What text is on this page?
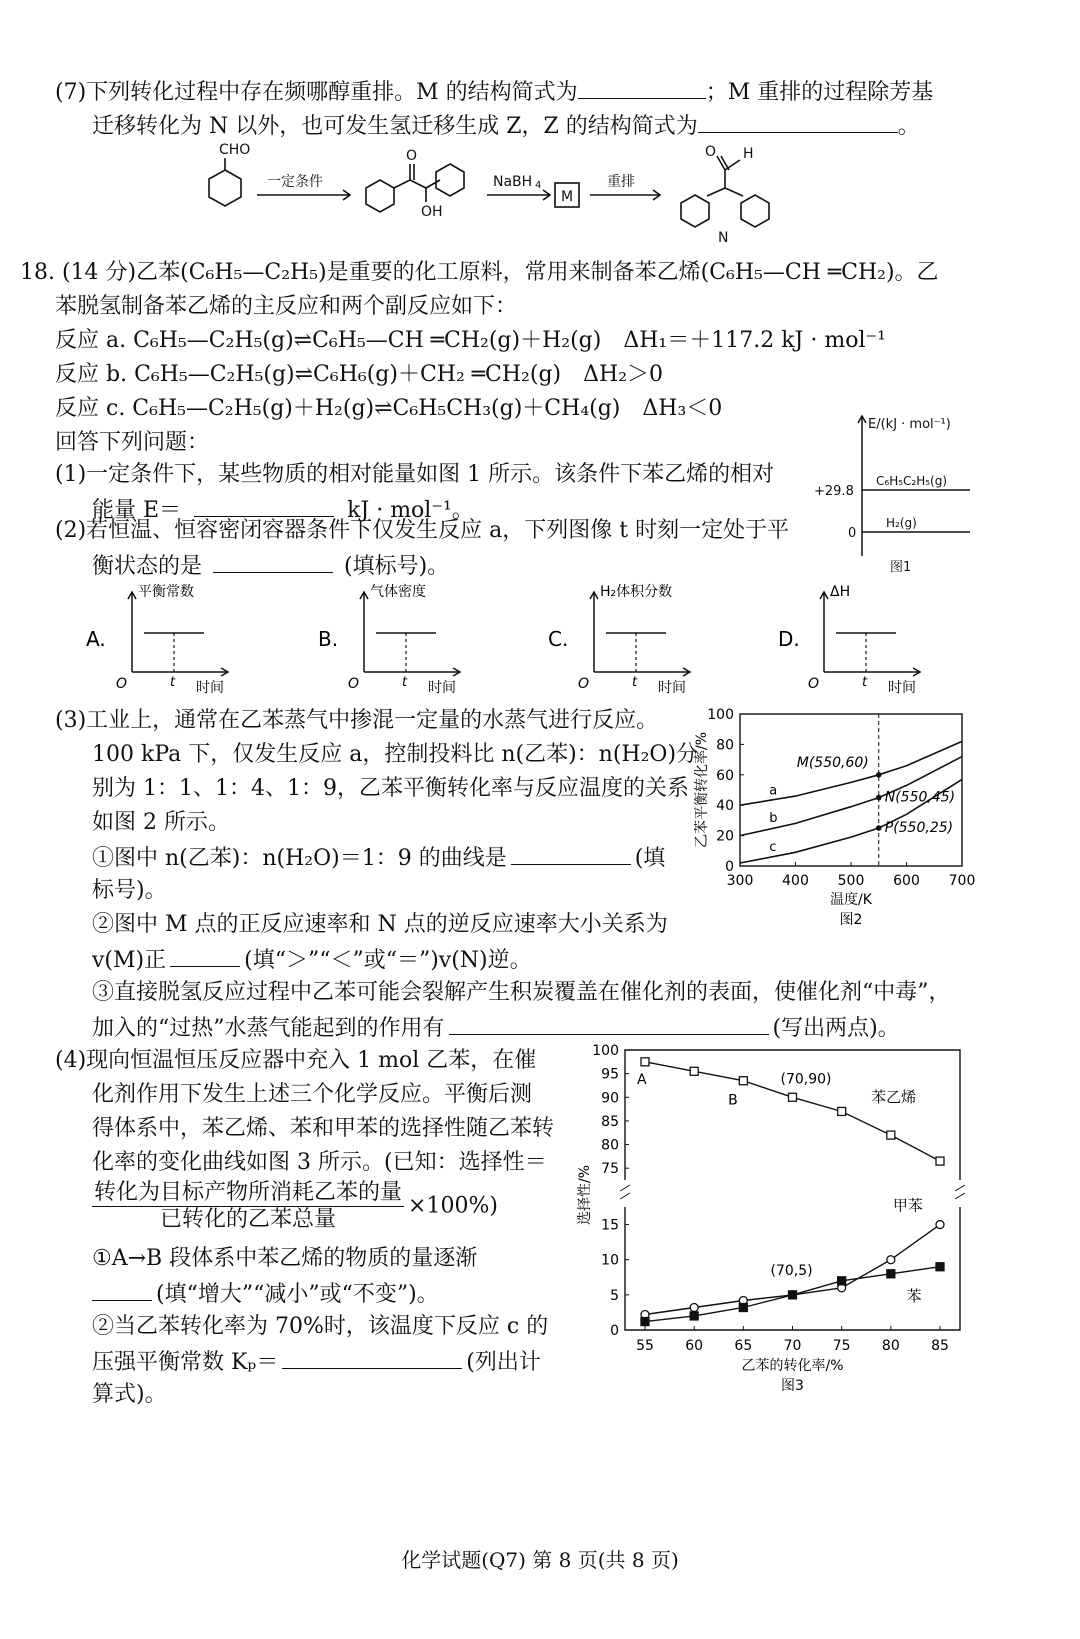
(7)下列转化过程中存在频哪醇重排。M 的结构简式为	；M 重排的过程除芳基
迁移转化为 N 以外，也可发生氢迁移生成 Z，Z 的结构简式为	。
CHO
一定条件
O
OH
NaBH 4
M
重排
O H
N
18. (14 分)乙苯(C₆H₅—C₂H₅)是重要的化工原料，常用来制备苯乙烯(C₆H₅—CH ═CH₂)。乙
苯脱氢制备苯乙烯的主反应和两个副反应如下：
反应 a. C₆H₅—C₂H₅(g)⇌C₆H₅—CH ═CH₂(g)＋H₂(g)　ΔH₁＝＋117.2 kJ · mol⁻¹
反应 b. C₆H₅—C₂H₅(g)⇌C₆H₆(g)＋CH₂ ═CH₂(g)　ΔH₂＞0
反应 c. C₆H₅—C₂H₅(g)＋H₂(g)⇌C₆H₅CH₃(g)＋CH₄(g)　ΔH₃＜0
回答下列问题：
(1)一定条件下，某些物质的相对能量如图 1 所示。该条件下苯乙烯的相对
能量 E＝	kJ · mol⁻¹。
E/(kJ · mol⁻¹)
+29.8
C₆H₅C₂H₅(g)
0
H₂(g)
图1
(2)若恒温、恒容密闭容器条件下仅发生反应 a，下列图像 t 时刻一定处于平
衡状态的是	(填标号)。
A.
平衡常数
O	t 时间
B.
气体密度
O	t 时间
C.
H₂体积分数
O	t 时间
D.
ΔH
O	t 时间
(3)工业上，通常在乙苯蒸气中掺混一定量的水蒸气进行反应。
100 kPa 下，仅发生反应 a，控制投料比 n(乙苯)：n(H₂O)分
别为 1：1、1：4、1：9，乙苯平衡转化率与反应温度的关系
如图 2 所示。
①图中 n(乙苯)：n(H₂O)＝1：9 的曲线是	(填
标号)。
②图中 M 点的正反应速率和 N 点的逆反应速率大小关系为
v(M)正	(填“＞”“＜”或“＝”)v(N)逆。
③直接脱氢反应过程中乙苯可能会裂解产生积炭覆盖在催化剂的表面，使催化剂“中毒”，
加入的“过热”水蒸气能起到的作用有	(写出两点)。
0
20
40
60
80
100
300 400 500 600 700
a
b
c
M(550,60)
N(550,45)
P(550,25)
温度/K
图2
乙苯平衡转化率/%
(4)现向恒温恒压反应器中充入 1 mol 乙苯，在催
化剂作用下发生上述三个化学反应。平衡后测
得体系中，苯乙烯、苯和甲苯的选择性随乙苯转
化率的变化曲线如图 3 所示。(已知：选择性＝
$\frac{\text{转化为目标产物所消耗乙苯的量}}{\text{已转化的乙苯总量}} \times 100\%$)
①A→B 段体系中苯乙烯的物质的量逐渐
(填“增大”“减小”或“不变”)。
②当乙苯转化率为 70%时，该温度下反应 c 的
压强平衡常数 Kₚ＝	(列出计
算式)。
75
80
85
90
95
100
0
5
10
15
55 60 65 70 75 80 85
A
B
(70,90)
(70,5)
苯乙烯
甲苯
苯
乙苯的转化率/%
图3
选择性/%
化学试题(Q7) 第 8 页(共 8 页)
